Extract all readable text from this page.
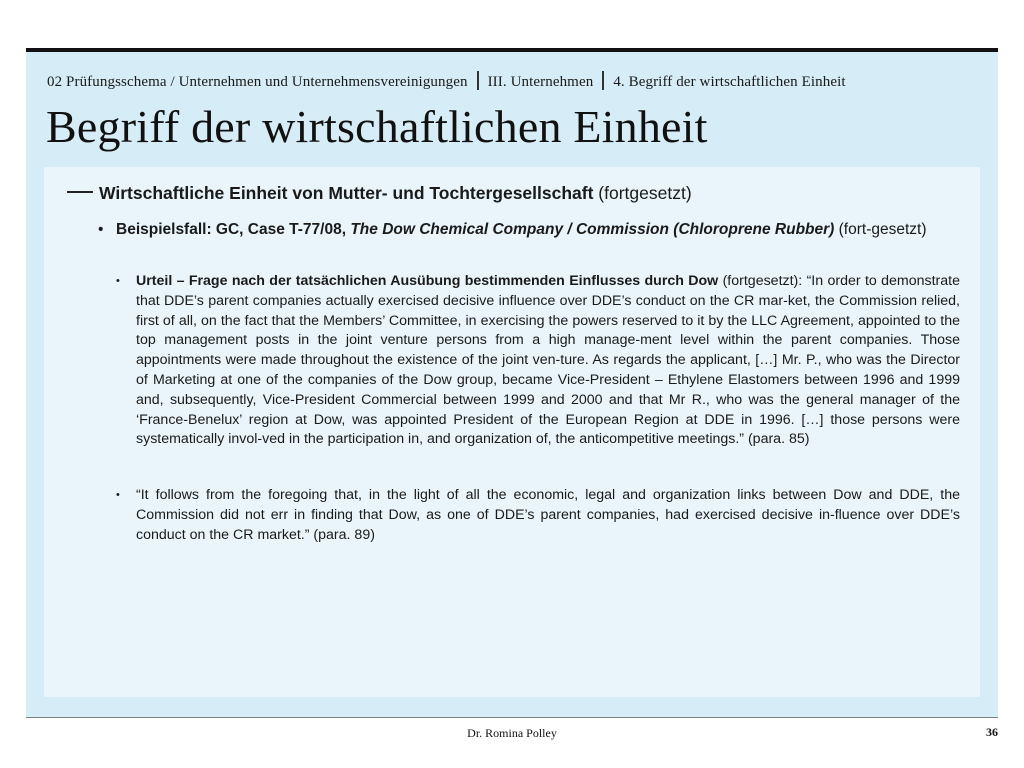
02 Prüfungsschema / Unternehmen und Unternehmensvereinigungen III. Unternehmen 4. Begriff der wirtschaftlichen Einheit
Begriff der wirtschaftlichen Einheit
Wirtschaftliche Einheit von Mutter- und Tochtergesellschaft (fortgesetzt)
• Beispielsfall: GC, Case T-77/08, The Dow Chemical Company / Commission (Chloroprene Rubber) (fort-gesetzt)
•	Urteil – Frage nach der tatsächlichen Ausübung bestimmenden Einflusses durch Dow (fortgesetzt): “In order to demonstrate that DDE’s parent companies actually exercised decisive influence over DDE’s conduct on the CR mar-ket, the Commission relied, first of all, on the fact that the Members’ Committee, in exercising the powers reserved to it by the LLC Agreement, appointed to the top management posts in the joint venture persons from a high manage-ment level within the parent companies. Those appointments were made throughout the existence of the joint ven-ture. As regards the applicant, […] Mr. P., who was the Director of Marketing at one of the companies of the Dow group, became Vice-President – Ethylene Elastomers between 1996 and 1999 and, subsequently, Vice-President Commercial between 1999 and 2000 and that Mr R., who was the general manager of the ‘France-Benelux’ region at Dow, was appointed President of the European Region at DDE in 1996. […] those persons were systematically invol-ved in the participation in, and organization of, the anticompetitive meetings.” (para. 85)
•	“It follows from the foregoing that, in the light of all the economic, legal and organization links between Dow and DDE, the Commission did not err in finding that Dow, as one of DDE’s parent companies, had exercised decisive in-fluence over DDE’s conduct on the CR market.” (para. 89)
Dr. Romina Polley	36
